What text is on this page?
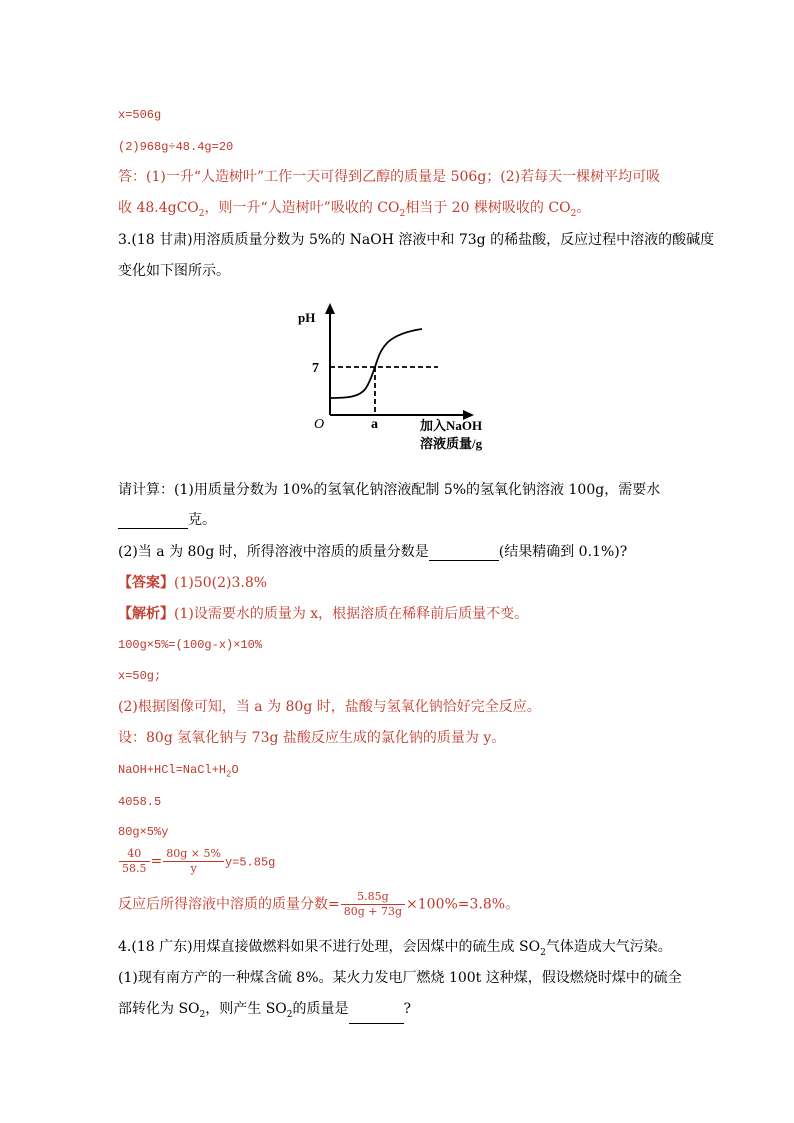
x=506g
(2)968g÷48.4g=20
答：(1)一升“人造树叶”工作一天可得到乙醇的质量是 506g；(2)若每天一棵树平均可吸
收 48.4gCO$_2$，则一升“人造树叶”吸收的 $CO_2$相当于 20 棵树吸收的 $CO_2$。
3.(18 甘肃)用溶质质量分数为 5%的 NaOH 溶液中和 73g 的稀盐酸，反应过程中溶液的酸碱度
变化如下图所示。
pH
7
O	a	加入NaOH
溶液质量/g
请计算：(1)用质量分数为 10%的氢氧化钠溶液配制 5%的氢氧化钠溶液 100g，需要水
克。
(2)当 a 为 80g 时，所得溶液中溶质的质量分数是	(结果精确到 0.1%)?
【答案】(1)50(2)3.8%
【解析】(1)设需要水的质量为 x，根据溶质在稀释前后质量不变。
100g×5%=(100g-x)×10%
x=50g;
(2)根据图像可知，当 a 为 80g 时，盐酸与氢氧化钠恰好完全反应。
设：80g 氢氧化钠与 73g 盐酸反应生成的氯化钠的质量为 y。
$NaOH+HCl=NaCl+H_2O$
4058.5
80g×5%y
$\frac{40}{58.5} = \frac{80g \times 5\%}{y} y=5.85g$
反应后所得溶液中溶质的质量分数= $\frac{5.85g}{80g + 73g} \times 100\%=3.8\%$。
4.(18 广东)用煤直接做燃料如果不进行处理，会因煤中的硫生成 $SO_2$气体造成大气污染。
(1)现有南方产的一种煤含硫 8%。某火力发电厂燃烧 100t 这种煤，假设燃烧时煤中的硫全
部转化为 $SO_2$，则产生 $SO_2$的质量是	?
